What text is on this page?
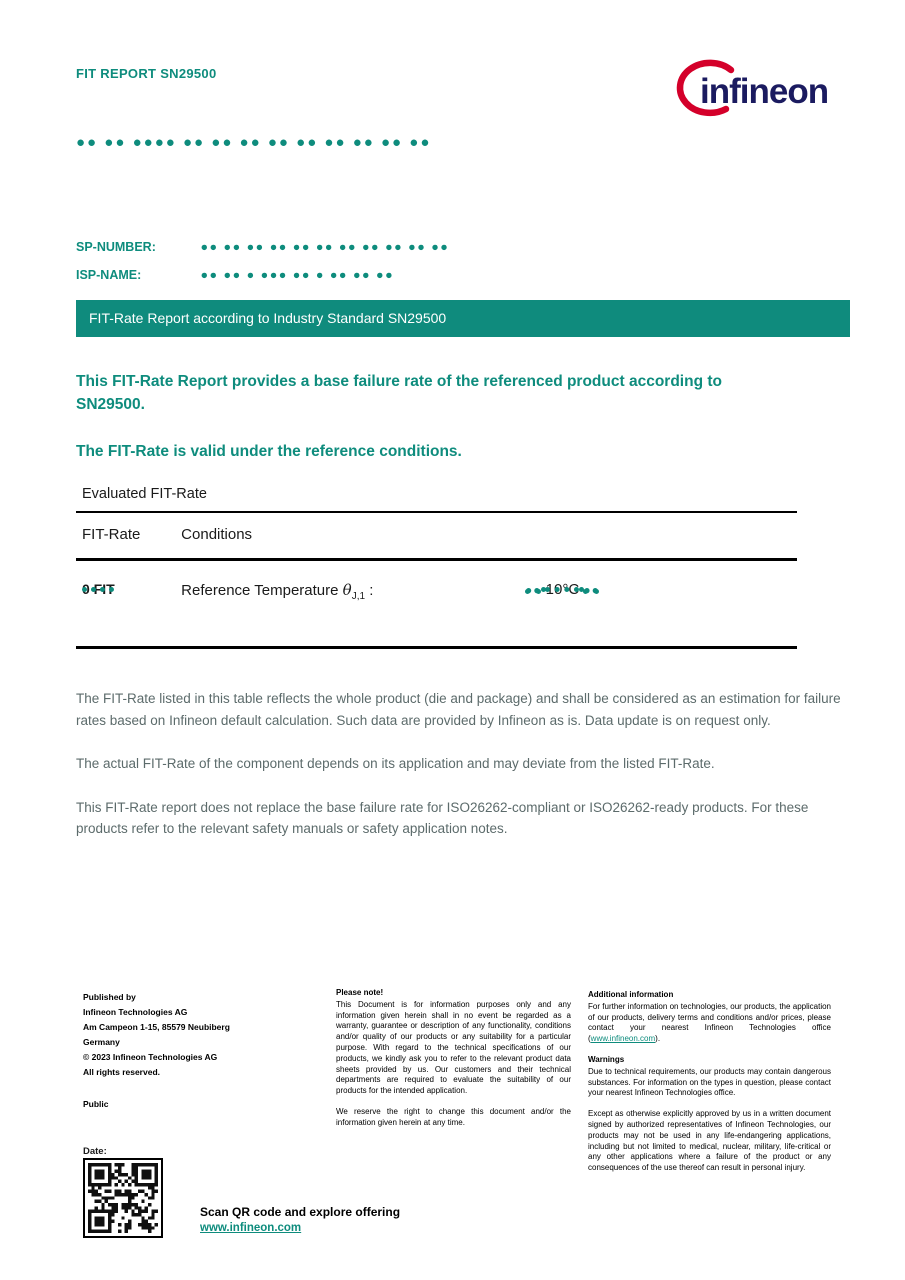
FIT REPORT SN29500	infineon
●● ●● ●●●● ●● ●● ●● ●● ●● ●● ●● ●● ●●
SP-NUMBER:	●● ●● ●● ●● ●● ●● ●● ●● ●● ●● ●●
ISP-NAME:	●● ●● ● ●●● ●● ● ●● ●● ●●
FIT-Rate Report according to Industry Standard SN29500
This FIT-Rate Report provides a base failure rate of the referenced product according to SN29500.
The FIT-Rate is valid under the reference conditions.
Evaluated FIT-Rate
FIT-Rate	Conditions
0 FIT	Reference Temperature $\theta_{J,1}$ :	●● 10°C ●●

The FIT-Rate listed in this table reflects the whole product (die and package) and shall be considered as an estimation for failure rates based on Infineon default calculation. Such data are provided by Infineon as is. Data update is on request only.

The actual FIT-Rate of the component depends on its application and may deviate from the listed FIT-Rate.

This FIT-Rate report does not replace the base failure rate for ISO26262-compliant or ISO26262-ready products. For these products refer to the relevant safety manuals or safety application notes.

Published by
Infineon Technologies AG
Am Campeon 1-15, 85579 Neubiberg
Germany
© 2023 Infineon Technologies AG
All rights reserved.
Public
Please note!

This Document is for information purposes only and any information given herein shall in no event be regarded as a warranty, guarantee or description of any functionality, conditions and/or quality of our products or any suitability for a particular purpose. With regard to the technical specifications of our products, we kindly ask you to refer to the relevant product data sheets provided by us. Our customers and their technical departments are required to evaluate the suitability of our products for the intended application.

We reserve the right to change this document and/or the information given herein at any time.

Additional information

For further information on technologies, our products, the application of our products, delivery terms and conditions and/or prices, please contact your nearest Infineon Technologies office (www.infineon.com).

Warnings

Due to technical requirements, our products may contain dangerous substances. For information on the types in question, please contact your nearest Infineon Technologies office.

Except as otherwise explicitly approved by us in a written document signed by authorized representatives of Infineon Technologies, our products may not be used in any life-endangering applications, including but not limited to medical, nuclear, military, life-critical or any other applications where a failure of the product or any consequences of the use thereof can result in personal injury.

Date:
Scan QR code and explore offering
www.infineon.com
